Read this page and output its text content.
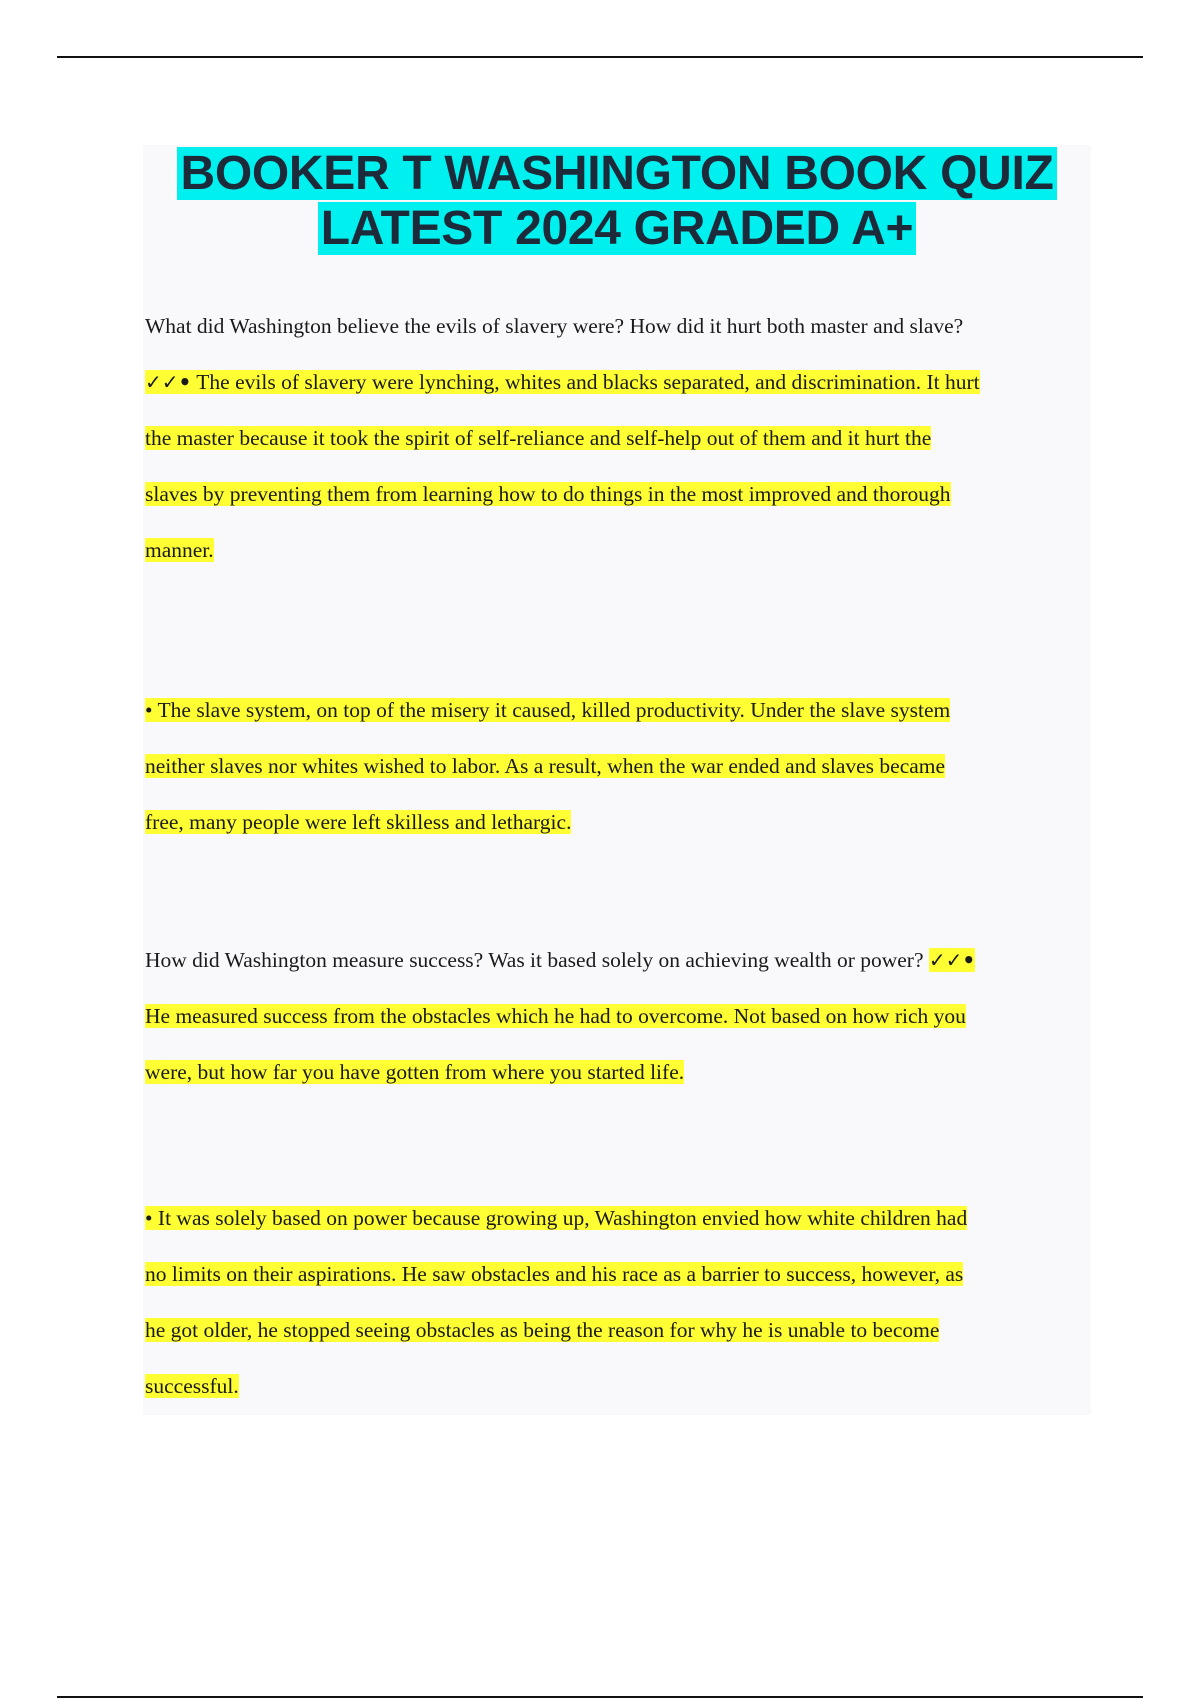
BOOKER T WASHINGTON BOOK QUIZ
LATEST 2024 GRADED A+

What did Washington believe the evils of slavery were? How did it hurt both master and slave?

✓✓• The evils of slavery were lynching, whites and blacks separated, and discrimination. It hurt
the master because it took the spirit of self-reliance and self-help out of them and it hurt the
slaves by preventing them from learning how to do things in the most improved and thorough
manner.

• The slave system, on top of the misery it caused, killed productivity. Under the slave system
neither slaves nor whites wished to labor. As a result, when the war ended and slaves became
free, many people were left skilless and lethargic.

How did Washington measure success? Was it based solely on achieving wealth or power? ✓✓•
He measured success from the obstacles which he had to overcome. Not based on how rich you
were, but how far you have gotten from where you started life.

• It was solely based on power because growing up, Washington envied how white children had
no limits on their aspirations. He saw obstacles and his race as a barrier to success, however, as
he got older, he stopped seeing obstacles as being the reason for why he is unable to become
successful.
